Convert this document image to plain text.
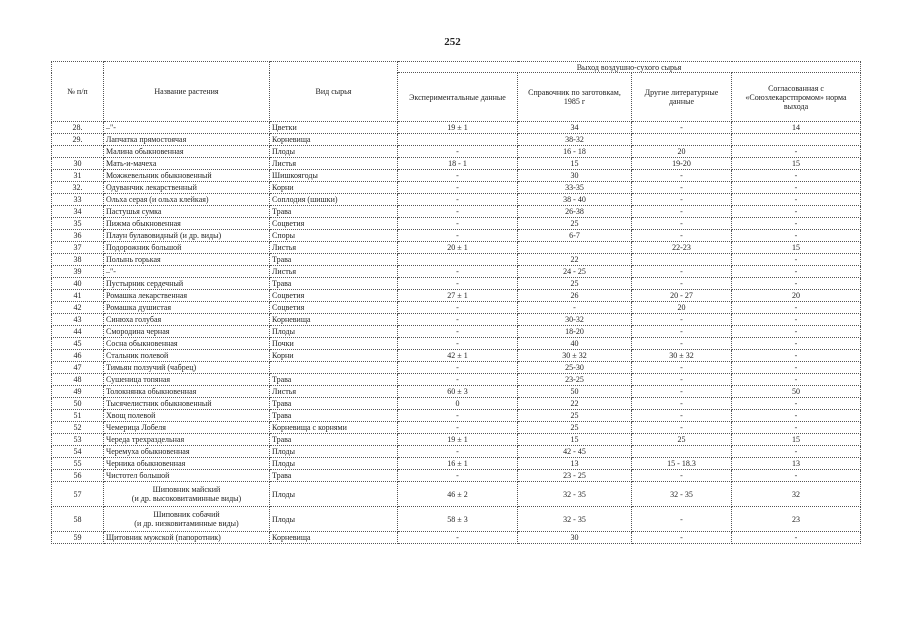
252
№ п/п	Название растения	Вид сырья	Выход воздушно-сухого сырья			
			Экспериментальные данные	Справочник по заготовкам, 1985 г	Другие литературные данные	Согласованная с «Союзлекарстпромом» норма выхода
28.	–"-	Цветки	19 ± 1	34	-	14
29.	Лапчатка прямостоячая	Корневища		38-32		
	Малина обыкновенная	Плоды	-	16 - 18	20	-
30	Мать-и-мачеха	Листья	18 - 1	15	19-20	15
31	Можжевельник обыкновенный	Шишкоягоды	-	30	-	-
32.	Одуванчик лекарственный	Корни	-	33-35	-	-
33	Ольха серая (и ольха клейкая)	Соплодия (шишки)	-	38 - 40	-	-
34	Пастушья сумка	Трава	-	26-38	-	-
35	Пижма обыкновенная	Соцветия	-	25	-	-
36	Плаун булавовидный (и др. виды)	Споры	-	6-7	-	-
37	Подорожник большой	Листья	20 ± 1		22-23	15
38	Полынь горькая	Трава		22		-
39	–"-	Листья	-	24 - 25	-	-
40	Пустырник сердечный	Трава	-	25	-	-
41	Ромашка лекарственная	Соцветия	27 ± 1	26	20 - 27	20
42	Ромашка душистая	Соцветия	-	-	20	-
43	Синюха голубая	Корневища	-	30-32	-	-
44	Смородина черная	Плоды	-	18-20	-	-
45	Сосна обыкновенная	Почки	-	40	-	-
46	Стальник полевой	Корни	42 ± 1	30 ± 32	30 ± 32	-
47	Тимьян ползучий (чабрец)		-	25-30	-	-
48	Сушеница топяная	Трава	-	23-25	-	-
49	Толокнянка обыкновенная	Листья	60 ± 3	50	-	50
50	Тысячелистник обыкновенный	Трава	0	22	-	-
51	Хвощ полевой	Трава	-	25	-	-
52	Чемерица Лобеля	Корневища с корнями	-	25	-	-
53	Череда трехраздельная	Трава	19 ± 1	15	25	15
54	Черемуха обыкновенная	Плоды	-	42 - 45		-
55	Черника обыкновенная	Плоды	16 ± 1	13	15 - 18.3	13
56	Чистотел большой	Трава	-	23 - 25	-	-
57	Шиповник майский
(и др. высоковитаминные виды)	Плоды	46 ± 2	32 - 35	32 - 35	32
58	Шиповник собачий
(и др. низковитаминные виды)	Плоды	58 ± 3	32 - 35	-	23
59	Щитовник мужской (папоротник)	Корневища	-	30	-	-
